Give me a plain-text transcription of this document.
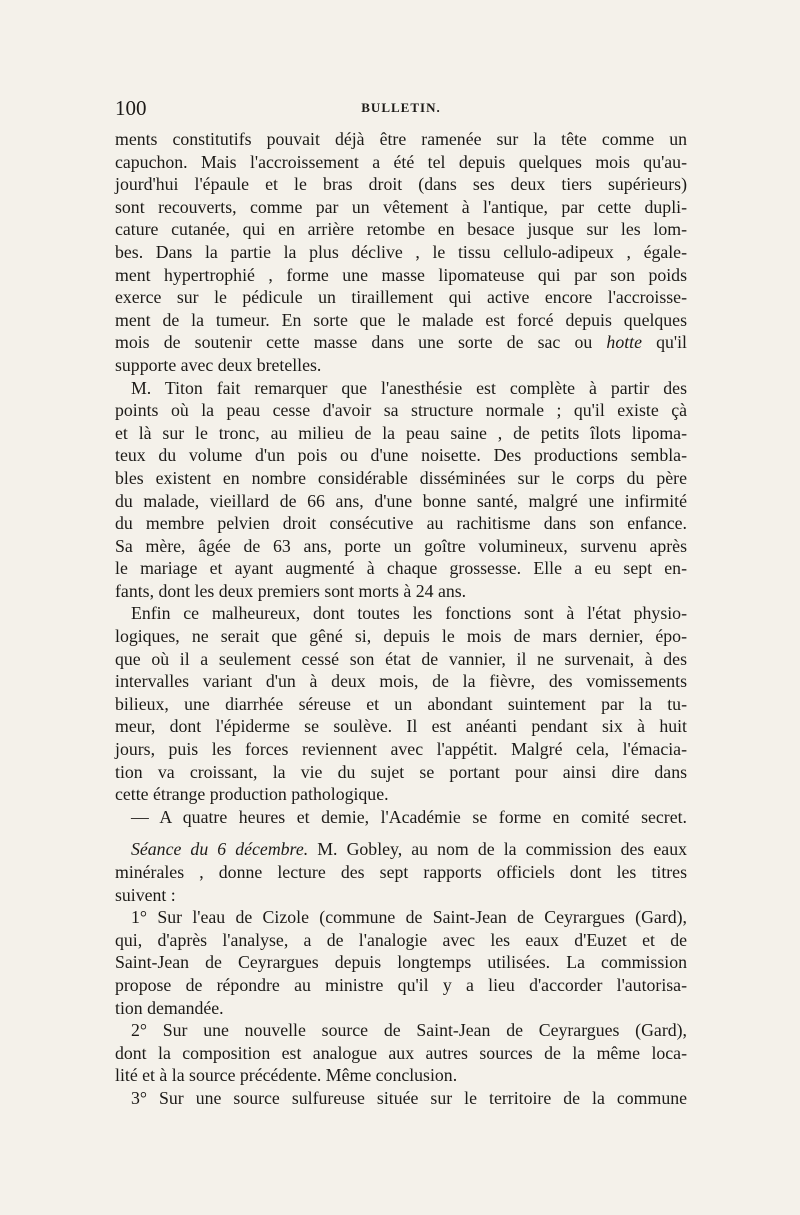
100	BULLETIN.
ments constitutifs pouvait déjà être ramenée sur la tête comme un
capuchon. Mais l'accroissement a été tel depuis quelques mois qu'au-
jourd'hui l'épaule et le bras droit (dans ses deux tiers supérieurs)
sont recouverts, comme par un vêtement à l'antique, par cette dupli-
cature cutanée, qui en arrière retombe en besace jusque sur les lom-
bes. Dans la partie la plus déclive , le tissu cellulo-adipeux , égale-
ment hypertrophié , forme une masse lipomateuse qui par son poids
exerce sur le pédicule un tiraillement qui active encore l'accroisse-
ment de la tumeur. En sorte que le malade est forcé depuis quelques
mois de soutenir cette masse dans une sorte de sac ou hotte qu'il
supporte avec deux bretelles.
M. Titon fait remarquer que l'anesthésie est complète à partir des
points où la peau cesse d'avoir sa structure normale ; qu'il existe çà
et là sur le tronc, au milieu de la peau saine , de petits îlots lipoma-
teux du volume d'un pois ou d'une noisette. Des productions sembla-
bles existent en nombre considérable disséminées sur le corps du père
du malade, vieillard de 66 ans, d'une bonne santé, malgré une infirmité
du membre pelvien droit consécutive au rachitisme dans son enfance.
Sa mère, âgée de 63 ans, porte un goître volumineux, survenu après
le mariage et ayant augmenté à chaque grossesse. Elle a eu sept en-
fants, dont les deux premiers sont morts à 24 ans.
Enfin ce malheureux, dont toutes les fonctions sont à l'état physio-
logiques, ne serait que gêné si, depuis le mois de mars dernier, épo-
que où il a seulement cessé son état de vannier, il ne survenait, à des
intervalles variant d'un à deux mois, de la fièvre, des vomissements
bilieux, une diarrhée séreuse et un abondant suintement par la tu-
meur, dont l'épiderme se soulève. Il est anéanti pendant six à huit
jours, puis les forces reviennent avec l'appétit. Malgré cela, l'émacia-
tion va croissant, la vie du sujet se portant pour ainsi dire dans
cette étrange production pathologique.
— A quatre heures et demie, l'Académie se forme en comité secret.
Séance du 6 décembre. M. Gobley, au nom de la commission des eaux
minérales , donne lecture des sept rapports officiels dont les titres
suivent :
1° Sur l'eau de Cizole (commune de Saint-Jean de Ceyrargues (Gard),
qui, d'après l'analyse, a de l'analogie avec les eaux d'Euzet et de
Saint-Jean de Ceyrargues depuis longtemps utilisées. La commission
propose de répondre au ministre qu'il y a lieu d'accorder l'autorisa-
tion demandée.
2° Sur une nouvelle source de Saint-Jean de Ceyrargues (Gard),
dont la composition est analogue aux autres sources de la même loca-
lité et à la source précédente. Même conclusion.
3° Sur une source sulfureuse située sur le territoire de la commune
